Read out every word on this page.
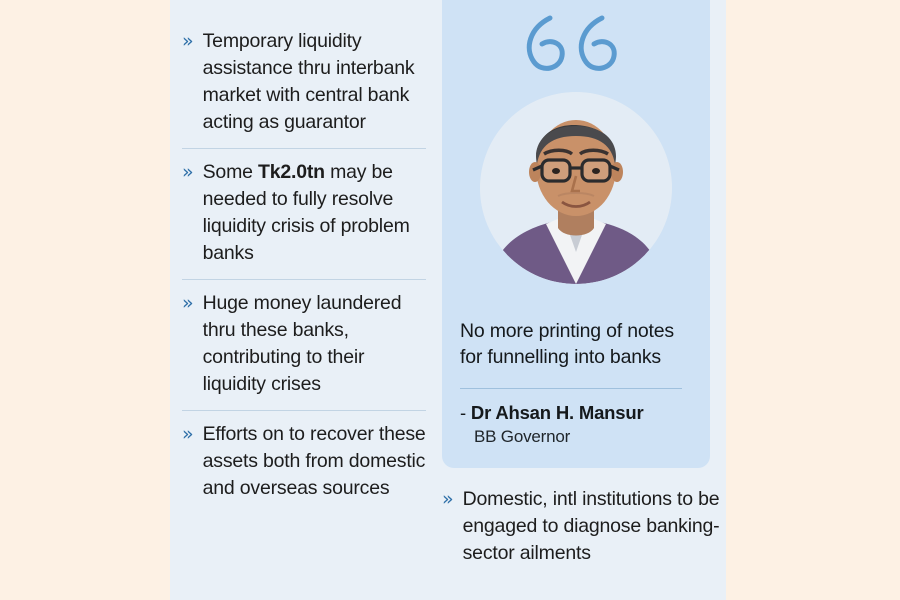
» Temporary liquidity assistance thru interbank market with central bank acting as guarantor
» Some Tk2.0tn may be needed to fully resolve liquidity crisis of problem banks
» Huge money laundered thru these banks, contributing to their liquidity crises
» Efforts on to recover these assets both from domestic and overseas sources
No more printing of notes for funnelling into banks
- Dr Ahsan H. Mansur
BB Governor
» Domestic, intl institutions to be engaged to diagnose banking-sector ailments
